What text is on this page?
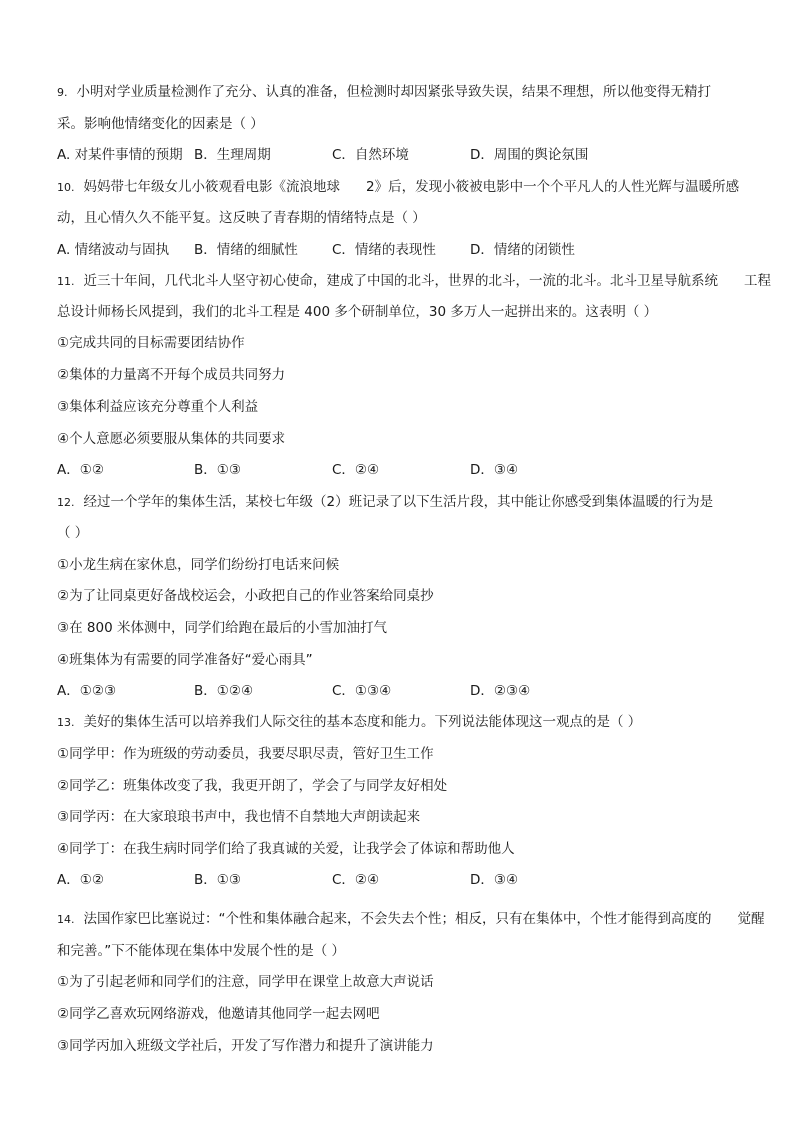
9. 小明对学业质量检测作了充分、认真的准备，但检测时却因紧张导致失误，结果不理想，所以他变得无精打
采。影响他情绪变化的因素是（ ）
A. 对某件事情的预期 B．生理周期	C．自然环境	D．周围的舆论氛围
10. 妈妈带七年级女儿小筱观看电影《流浪地球 2》后，发现小筱被电影中一个个平凡人的人性光辉与温暖所感
动，且心情久久不能平复。这反映了青春期的情绪特点是（ ）
A. 情绪波动与固执 B．情绪的细腻性	C．情绪的表现性	D．情绪的闭锁性
11. 近三十年间，几代北斗人坚守初心使命，建成了中国的北斗，世界的北斗，一流的北斗。北斗卫星导航系统 工程
总设计师杨长风提到，我们的北斗工程是 400 多个研制单位，30 多万人一起拼出来的。这表明（ ）
①完成共同的目标需要团结协作
②集体的力量离不开每个成员共同努力
③集体利益应该充分尊重个人利益
④个人意愿必须要服从集体的共同要求
A．①②	B．①③	C．②④	D．③④
12. 经过一个学年的集体生活，某校七年级（2）班记录了以下生活片段，其中能让你感受到集体温暖的行为是
（ ）
①小龙生病在家休息，同学们纷纷打电话来问候
②为了让同桌更好备战校运会，小政把自己的作业答案给同桌抄
③在 800 米体测中，同学们给跑在最后的小雪加油打气
④班集体为有需要的同学准备好“爱心雨具”
A．①②③	B．①②④	C．①③④	D．②③④
13. 美好的集体生活可以培养我们人际交往的基本态度和能力。下列说法能体现这一观点的是（ ）
①同学甲：作为班级的劳动委员，我要尽职尽责，管好卫生工作
②同学乙：班集体改变了我，我更开朗了，学会了与同学友好相处
③同学丙：在大家琅琅书声中，我也情不自禁地大声朗读起来
④同学丁：在我生病时同学们给了我真诚的关爱，让我学会了体谅和帮助他人
A．①②	B．①③	C．②④	D．③④
14. 法国作家巴比塞说过：“个性和集体融合起来，不会失去个性；相反，只有在集体中，个性才能得到高度的 觉醒
和完善。”下不能体现在集体中发展个性的是（ ）
①为了引起老师和同学们的注意，同学甲在课堂上故意大声说话
②同学乙喜欢玩网络游戏，他邀请其他同学一起去网吧
③同学丙加入班级文学社后，开发了写作潜力和提升了演讲能力
